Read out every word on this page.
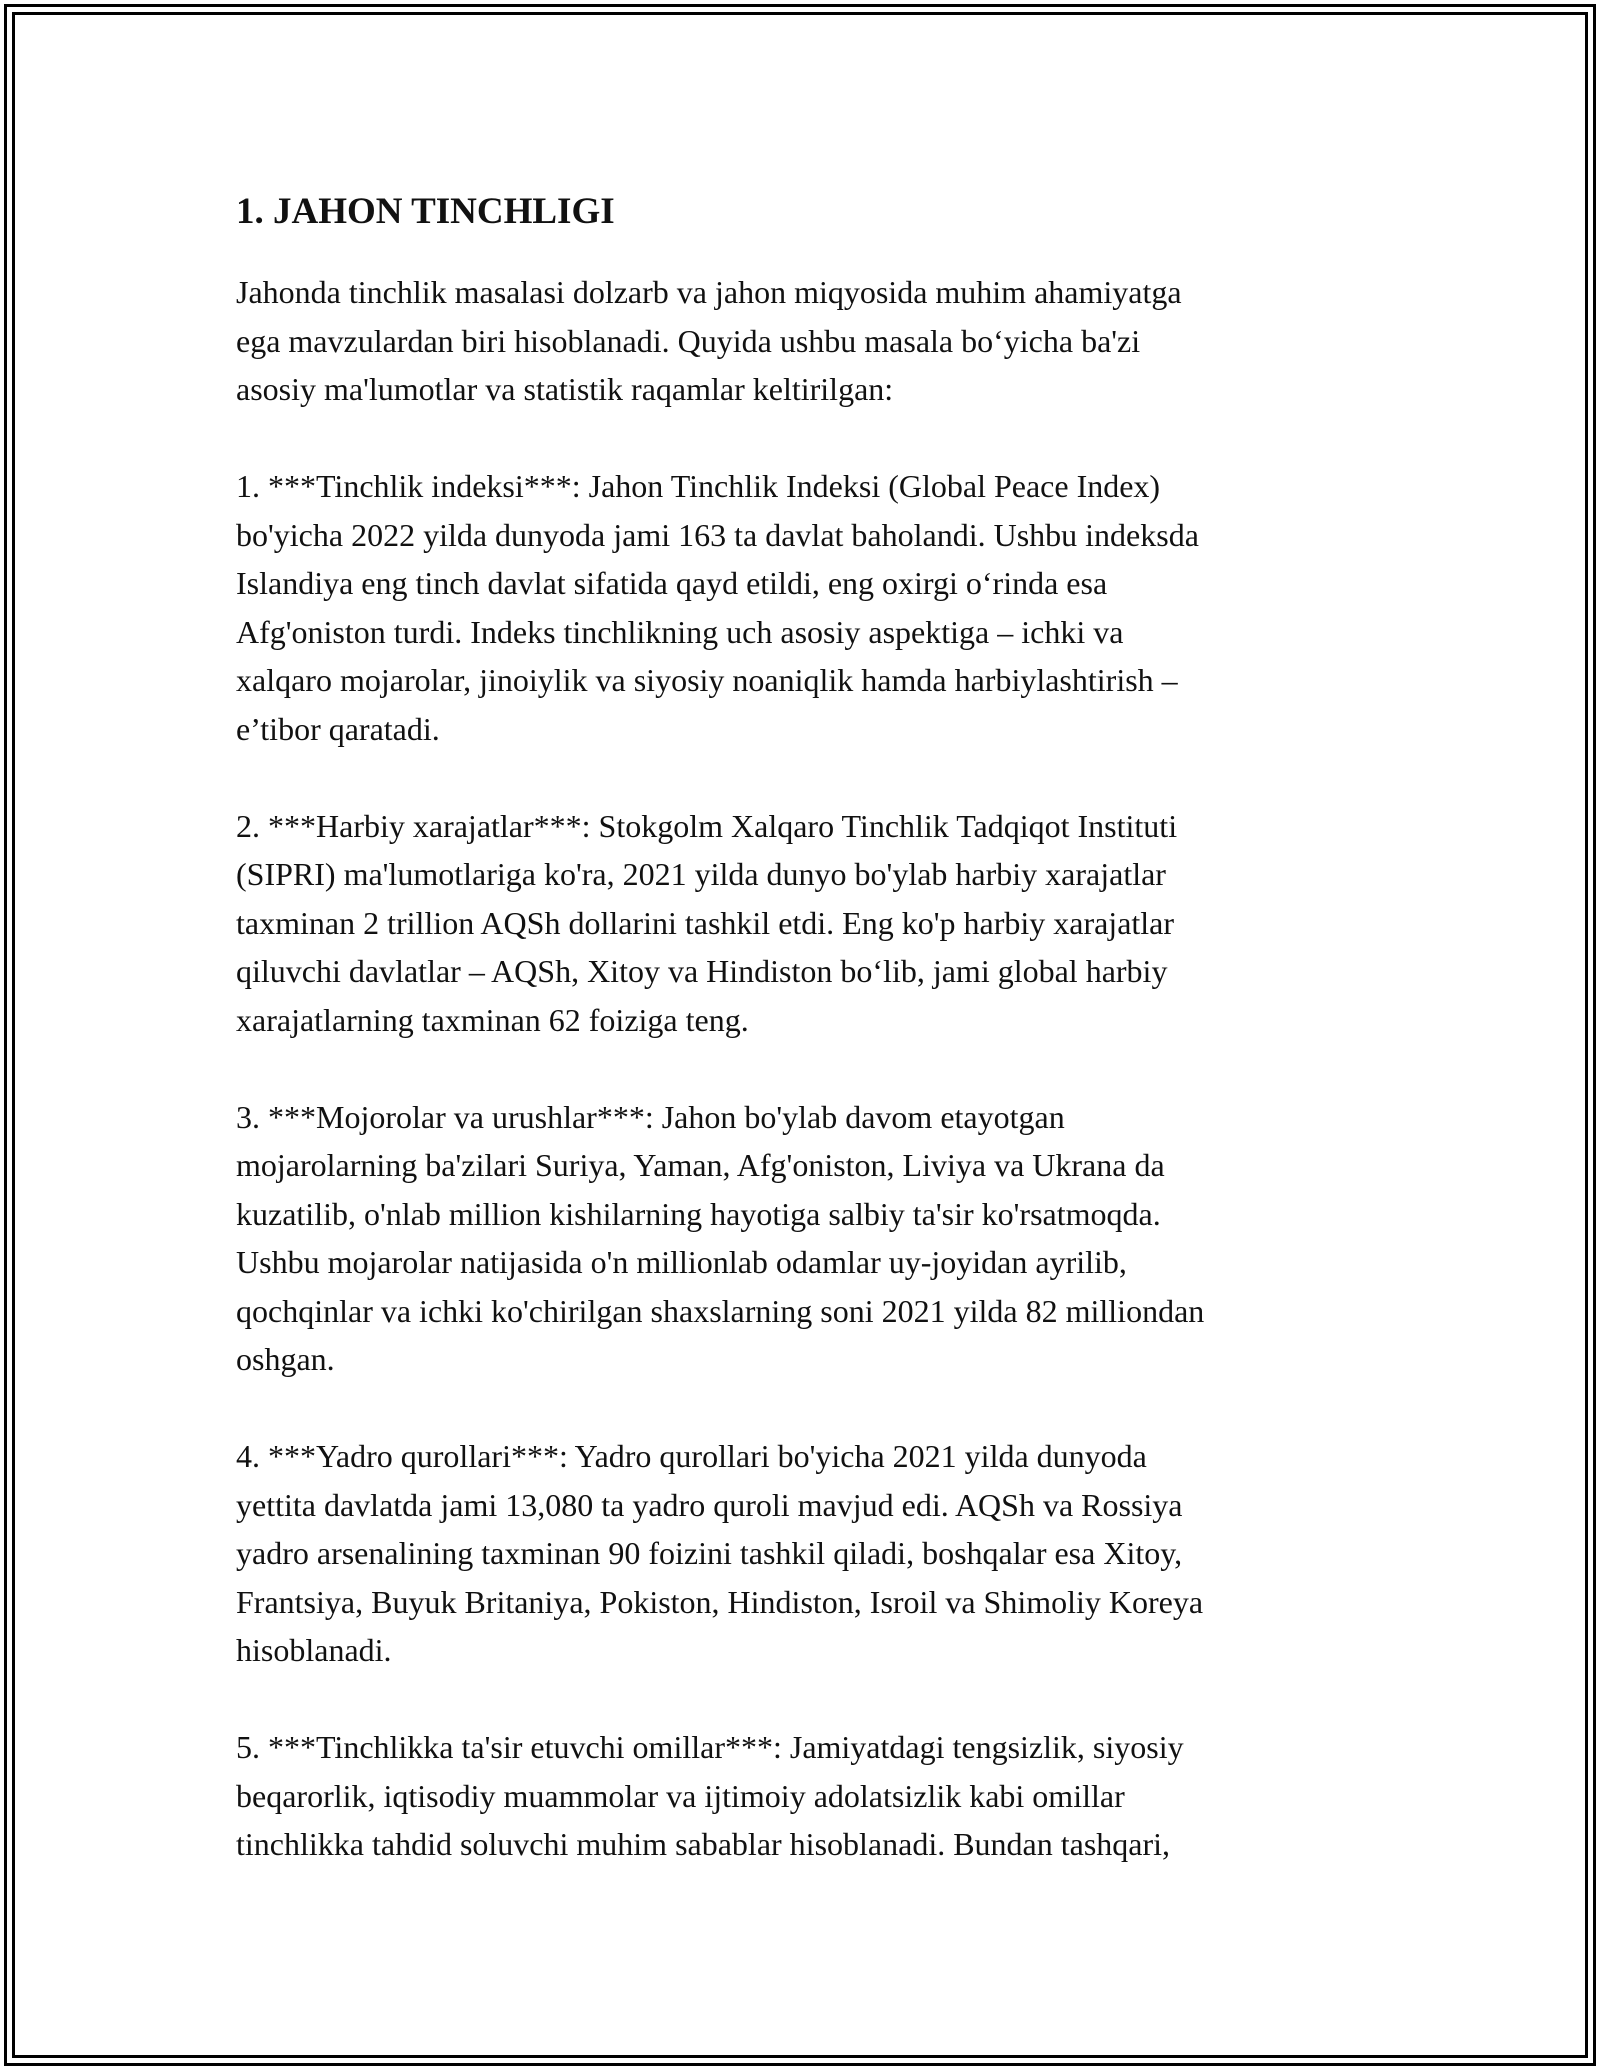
1. JAHON TINCHLIGI
Jahonda tinchlik masalasi dolzarb va jahon miqyosida muhim ahamiyatga
ega mavzulardan biri hisoblanadi. Quyida ushbu masala bo‘yicha ba'zi
asosiy ma'lumotlar va statistik raqamlar keltirilgan:
1. ***Tinchlik indeksi***: Jahon Tinchlik Indeksi (Global Peace Index)
bo'yicha 2022 yilda dunyoda jami 163 ta davlat baholandi. Ushbu indeksda
Islandiya eng tinch davlat sifatida qayd etildi, eng oxirgi o‘rinda esa
Afg'oniston turdi. Indeks tinchlikning uch asosiy aspektiga – ichki va
xalqaro mojarolar, jinoiylik va siyosiy noaniqlik hamda harbiylashtirish –
e’tibor qaratadi.
2. ***Harbiy xarajatlar***: Stokgolm Xalqaro Tinchlik Tadqiqot Instituti
(SIPRI) ma'lumotlariga ko'ra, 2021 yilda dunyo bo'ylab harbiy xarajatlar
taxminan 2 trillion AQSh dollarini tashkil etdi. Eng ko'p harbiy xarajatlar
qiluvchi davlatlar – AQSh, Xitoy va Hindiston bo‘lib, jami global harbiy
xarajatlarning taxminan 62 foiziga teng.
3. ***Mojorolar va urushlar***: Jahon bo'ylab davom etayotgan
mojarolarning ba'zilari Suriya, Yaman, Afg'oniston, Liviya va Ukrana da
kuzatilib, o'nlab million kishilarning hayotiga salbiy ta'sir ko'rsatmoqda.
Ushbu mojarolar natijasida o'n millionlab odamlar uy-joyidan ayrilib,
qochqinlar va ichki ko'chirilgan shaxslarning soni 2021 yilda 82 milliondan
oshgan.
4. ***Yadro qurollari***: Yadro qurollari bo'yicha 2021 yilda dunyoda
yettita davlatda jami 13,080 ta yadro quroli mavjud edi. AQSh va Rossiya
yadro arsenalining taxminan 90 foizini tashkil qiladi, boshqalar esa Xitoy,
Frantsiya, Buyuk Britaniya, Pokiston, Hindiston, Isroil va Shimoliy Koreya
hisoblanadi.
5. ***Tinchlikka ta'sir etuvchi omillar***: Jamiyatdagi tengsizlik, siyosiy
beqarorlik, iqtisodiy muammolar va ijtimoiy adolatsizlik kabi omillar
tinchlikka tahdid soluvchi muhim sabablar hisoblanadi. Bundan tashqari,
